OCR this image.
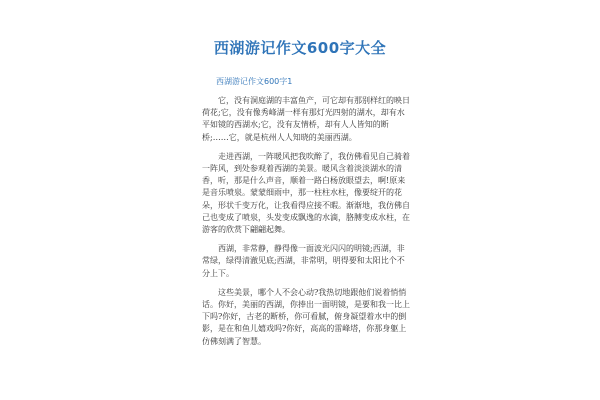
西湖游记作文600字大全
西湖游记作文600字1

它，没有洞庭湖的丰富鱼产，可它却有那别样红的映日荷花;它，没有像秀峰湖一样有那灯光四射的湖水，却有水平如镜的西湖水;它，没有友情桥，却有人人皆知的断桥;……它，就是杭州人人知晓的美丽西湖。

走进西湖，一阵暖风把我吹醉了，我仿佛看见自己骑着一阵风，到处参观着西湖的美景。暖风含着淡淡湖水的清香，听，那是什么声音，顺着一路白杨放眼望去，啊!原来是音乐喷泉。蒙蒙细雨中，那一柱柱水柱，像要绽开的花朵，形状千变万化，让我看得应接不暇。渐渐地，我仿佛自己也变成了喷泉，头发变成飘逸的水滴，胳膊变成水柱，在游客的欣赏下翩翩起舞。

西湖，非常静，静得像一面波光闪闪的明镜;西湖，非常绿，绿得清澈见底;西湖，非常明，明得要和太阳比个不分上下。

这些美景，哪个人不会心动?我热切地跟他们说着悄悄话。你好，美丽的西湖，你捧出一面明镜，是要和我一比上下吗?你好，古老的断桥，你可看腻，俯身凝望着水中的倒影，是在和鱼儿嬉戏吗?你好，高高的雷峰塔，你那身躯上仿佛刻满了智慧。
